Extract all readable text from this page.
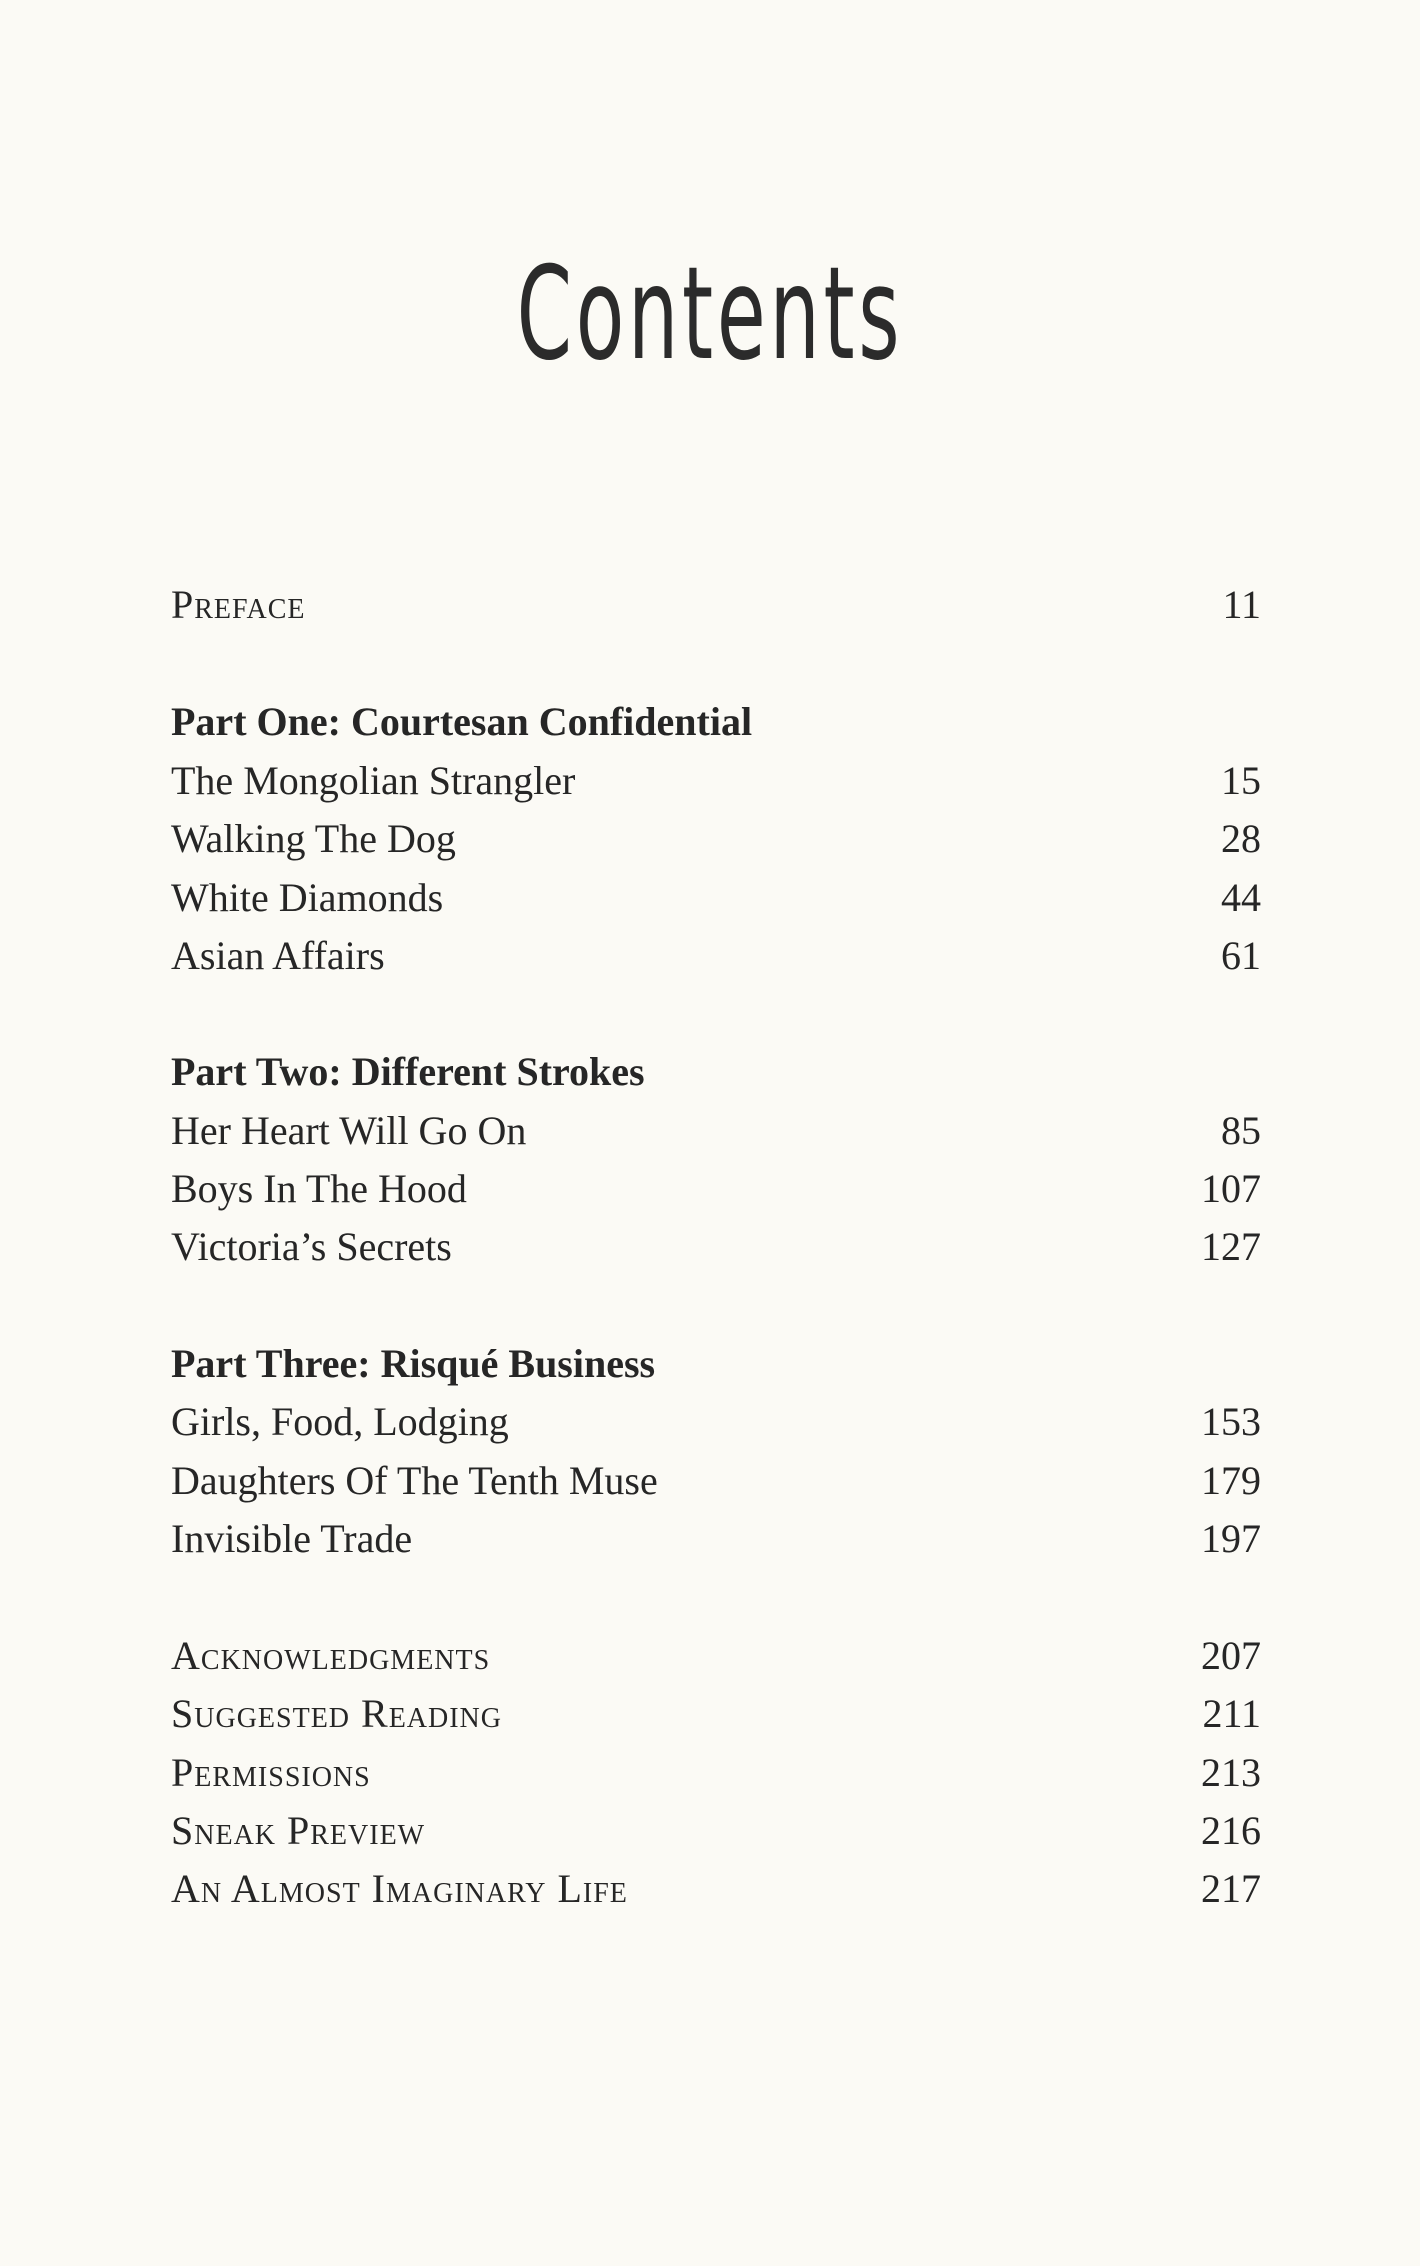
Contents
Preface	11
Part One: Courtesan Confidential
The Mongolian Strangler	15
Walking The Dog	28
White Diamonds	44
Asian Affairs	61
Part Two: Different Strokes
Her Heart Will Go On	85
Boys In The Hood	107
Victoria’s Secrets	127
Part Three: Risqué Business
Girls, Food, Lodging	153
Daughters Of The Tenth Muse	179
Invisible Trade	197
Acknowledgments	207
Suggested Reading	211
Permissions	213
Sneak Preview	216
An Almost Imaginary Life	217
